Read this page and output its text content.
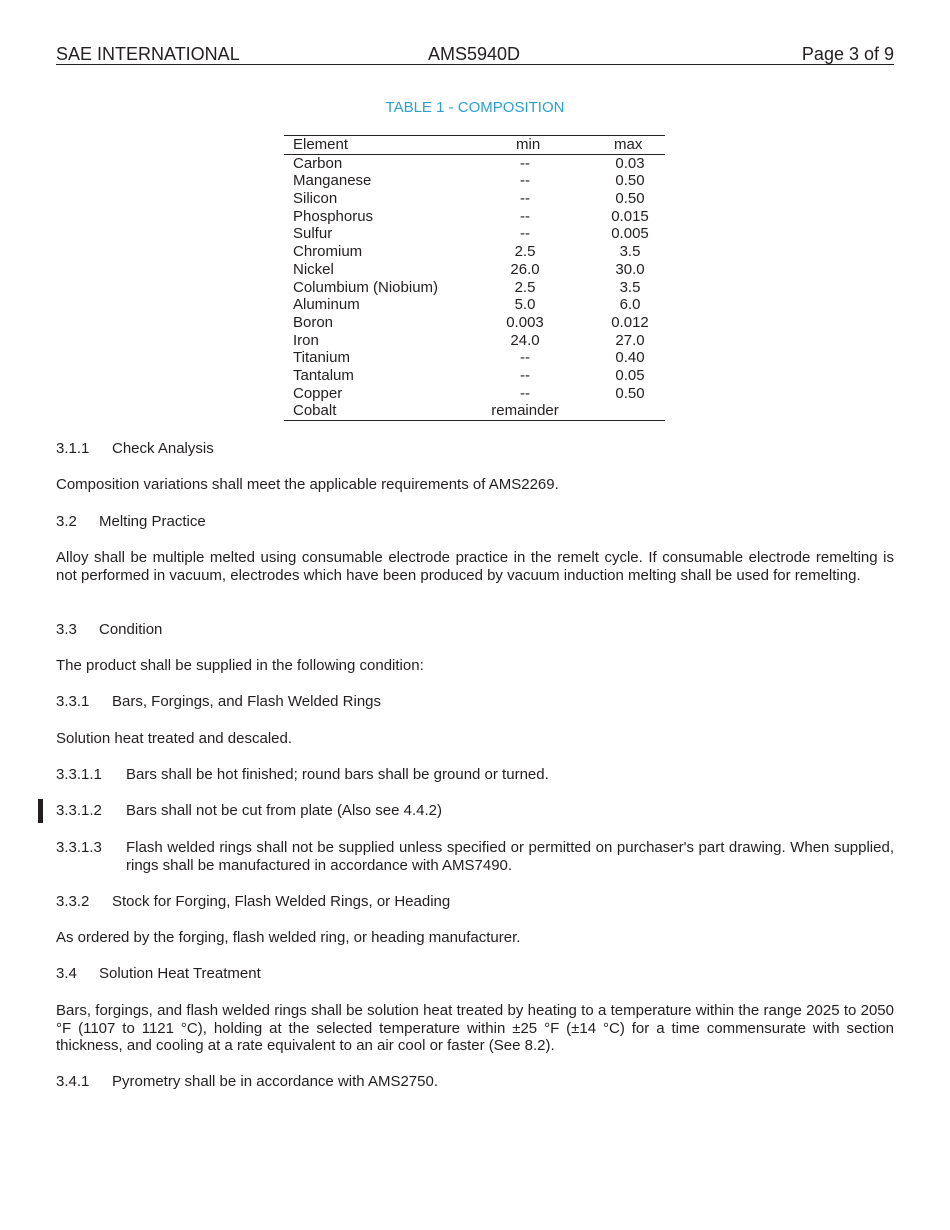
SAE INTERNATIONAL	AMS5940D	Page 3 of 9
TABLE 1 - COMPOSITION
Element	min	max
Carbon	--	0.03
Manganese	--	0.50
Silicon	--	0.50
Phosphorus	--	0.015
Sulfur	--	0.005
Chromium	2.5	3.5
Nickel	26.0	30.0
Columbium (Niobium)	2.5	3.5
Aluminum	5.0	6.0
Boron	0.003	0.012
Iron	24.0	27.0
Titanium	--	0.40
Tantalum	--	0.05
Copper	--	0.50
Cobalt	remainder
3.1.1 Check Analysis
Composition variations shall meet the applicable requirements of AMS2269.
3.2 Melting Practice
Alloy shall be multiple melted using consumable electrode practice in the remelt cycle. If consumable electrode remelting is not performed in vacuum, electrodes which have been produced by vacuum induction melting shall be used for remelting.
3.3 Condition
The product shall be supplied in the following condition:
3.3.1 Bars, Forgings, and Flash Welded Rings
Solution heat treated and descaled.
3.3.1.1 Bars shall be hot finished; round bars shall be ground or turned.
3.3.1.2 Bars shall not be cut from plate (Also see 4.4.2)
3.3.1.3 Flash welded rings shall not be supplied unless specified or permitted on purchaser's part drawing. When supplied, rings shall be manufactured in accordance with AMS7490.
3.3.2 Stock for Forging, Flash Welded Rings, or Heading
As ordered by the forging, flash welded ring, or heading manufacturer.
3.4 Solution Heat Treatment
Bars, forgings, and flash welded rings shall be solution heat treated by heating to a temperature within the range 2025 to 2050 °F (1107 to 1121 °C), holding at the selected temperature within ±25 °F (±14 °C) for a time commensurate with section thickness, and cooling at a rate equivalent to an air cool or faster (See 8.2).
3.4.1 Pyrometry shall be in accordance with AMS2750.
